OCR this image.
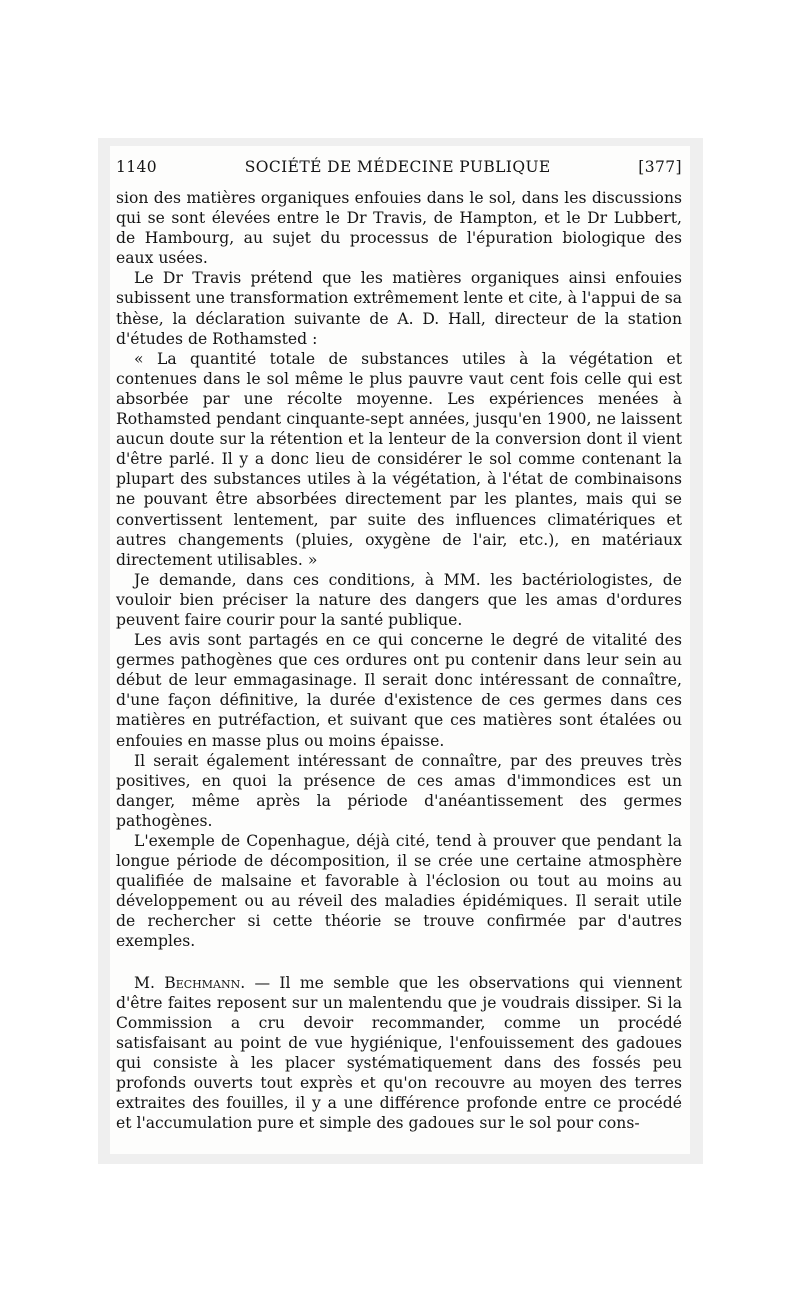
1140	SOCIÉTÉ DE MÉDECINE PUBLIQUE	[377]

sion des matières organiques enfouies dans le sol, dans les discussions qui se sont élevées entre le Dr Travis, de Hampton, et le Dr Lubbert, de Hambourg, au sujet du processus de l'épuration biologique des eaux usées.

Le Dr Travis prétend que les matières organiques ainsi enfouies subissent une transformation extrêmement lente et cite, à l'appui de sa thèse, la déclaration suivante de A. D. Hall, directeur de la station d'études de Rothamsted :

« La quantité totale de substances utiles à la végétation et contenues dans le sol même le plus pauvre vaut cent fois celle qui est absorbée par une récolte moyenne. Les expériences menées à Rothamsted pendant cinquante-sept années, jusqu'en 1900, ne laissent aucun doute sur la rétention et la lenteur de la conversion dont il vient d'être parlé. Il y a donc lieu de considérer le sol comme contenant la plupart des substances utiles à la végétation, à l'état de combinaisons ne pouvant être absorbées directement par les plantes, mais qui se convertissent lentement, par suite des influences climatériques et autres changements (pluies, oxygène de l'air, etc.), en matériaux directement utilisables. »

Je demande, dans ces conditions, à MM. les bactériologistes, de vouloir bien préciser la nature des dangers que les amas d'ordures peuvent faire courir pour la santé publique.

Les avis sont partagés en ce qui concerne le degré de vitalité des germes pathogènes que ces ordures ont pu contenir dans leur sein au début de leur emmagasinage. Il serait donc intéressant de connaître, d'une façon définitive, la durée d'existence de ces germes dans ces matières en putréfaction, et suivant que ces matières sont étalées ou enfouies en masse plus ou moins épaisse.

Il serait également intéressant de connaître, par des preuves très positives, en quoi la présence de ces amas d'immondices est un danger, même après la période d'anéantissement des germes pathogènes.

L'exemple de Copenhague, déjà cité, tend à prouver que pendant la longue période de décomposition, il se crée une certaine atmosphère qualifiée de malsaine et favorable à l'éclosion ou tout au moins au développement ou au réveil des maladies épidémiques. Il serait utile de rechercher si cette théorie se trouve confirmée par d'autres exemples.

M. Bechmann. — Il me semble que les observations qui viennent d'être faites reposent sur un malentendu que je voudrais dissiper. Si la Commission a cru devoir recommander, comme un procédé satisfaisant au point de vue hygiénique, l'enfouissement des gadoues qui consiste à les placer systématiquement dans des fossés peu profonds ouverts tout exprès et qu'on recouvre au moyen des terres extraites des fouilles, il y a une différence profonde entre ce procédé et l'accumulation pure et simple des gadoues sur le sol pour cons-
